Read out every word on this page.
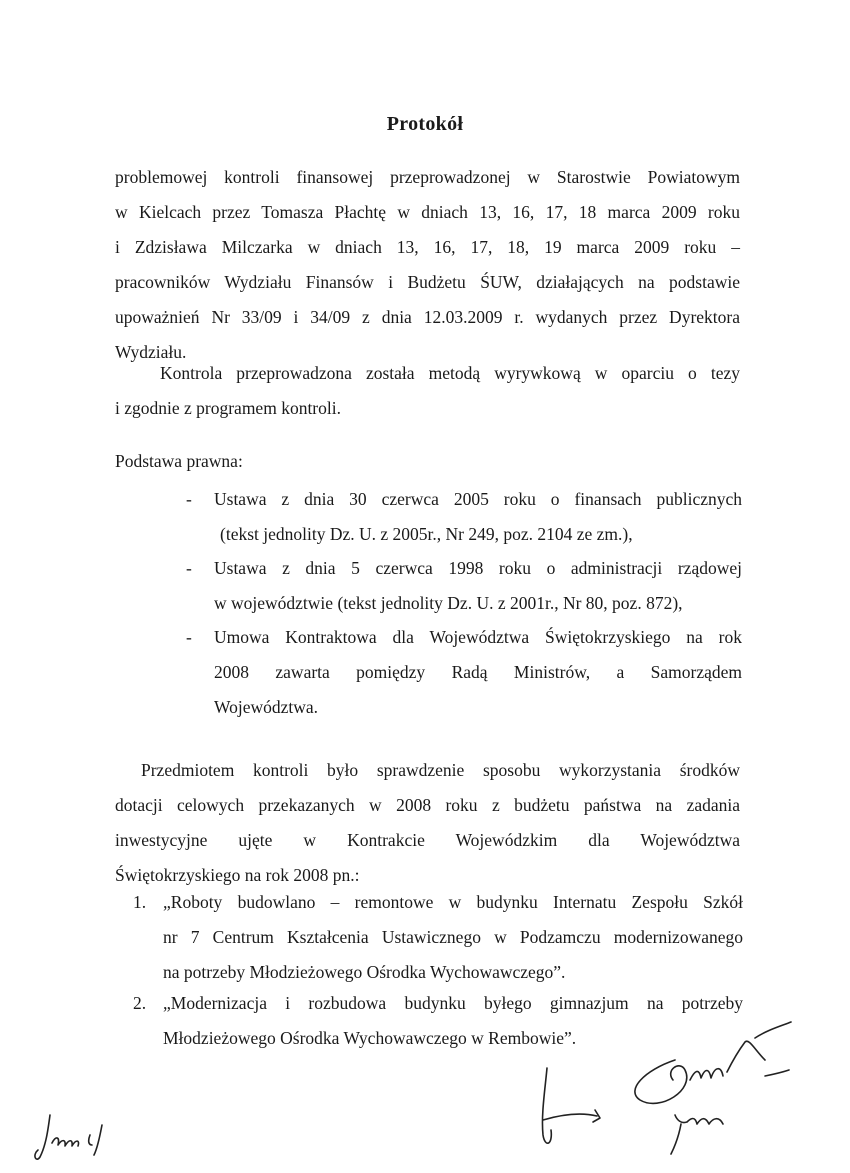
Protokół
problemowej kontroli finansowej przeprowadzonej w Starostwie Powiatowym
w Kielcach przez Tomasza Płachtę w dniach 13, 16, 17, 18 marca 2009 roku
i Zdzisława Milczarka w dniach 13, 16, 17, 18, 19 marca 2009 roku –
pracowników Wydziału Finansów i Budżetu ŚUW, działających na podstawie
upoważnień Nr 33/09 i 34/09 z dnia 12.03.2009 r. wydanych przez Dyrektora
Wydziału.
Kontrola przeprowadzona została metodą wyrywkową w oparciu o tezy
i zgodnie z programem kontroli.
Podstawa prawna:
-	Ustawa z dnia 30 czerwca 2005 roku o finansach publicznych
(tekst jednolity Dz. U. z 2005r., Nr 249, poz. 2104 ze zm.),
-	Ustawa z dnia 5 czerwca 1998 roku o administracji rządowej
w województwie (tekst jednolity Dz. U. z 2001r., Nr 80, poz. 872),
-	Umowa Kontraktowa dla Województwa Świętokrzyskiego na rok
2008 zawarta pomiędzy Radą Ministrów, a Samorządem
Województwa.
Przedmiotem kontroli było sprawdzenie sposobu wykorzystania środków
dotacji celowych przekazanych w 2008 roku z budżetu państwa na zadania
inwestycyjne ujęte w Kontrakcie Wojewódzkim dla Województwa
Świętokrzyskiego na rok 2008 pn.:
1. „Roboty budowlano – remontowe w budynku Internatu Zespołu Szkół
nr 7 Centrum Kształcenia Ustawicznego w Podzamczu modernizowanego
na potrzeby Młodzieżowego Ośrodka Wychowawczego”.
2. „Modernizacja i rozbudowa budynku byłego gimnazjum na potrzeby
Młodzieżowego Ośrodka Wychowawczego w Rembowie”.
